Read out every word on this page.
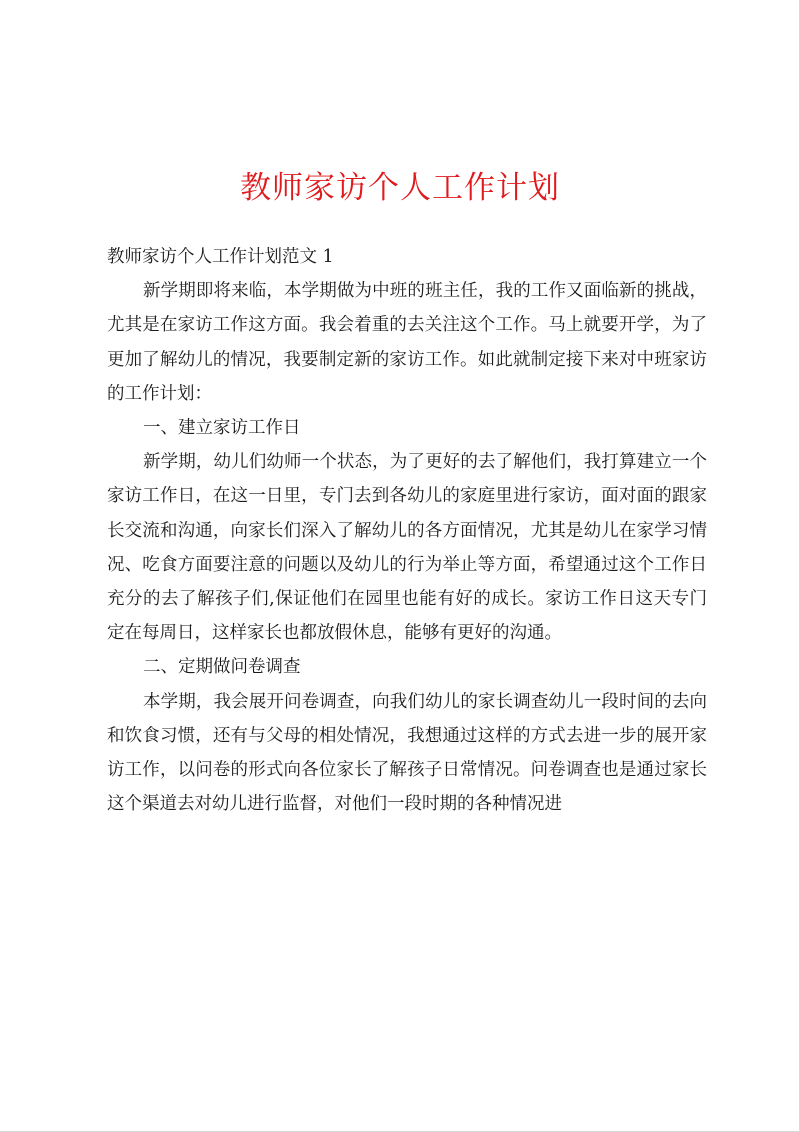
教师家访个人工作计划

教师家访个人工作计划范文 1

新学期即将来临，本学期做为中班的班主任，我的工作又面临新的挑战，尤其是在家访工作这方面。我会着重的去关注这个工作。马上就要开学，为了更加了解幼儿的情况，我要制定新的家访工作。如此就制定接下来对中班家访的工作计划：

一、建立家访工作日

新学期，幼儿们幼师一个状态，为了更好的去了解他们，我打算建立一个家访工作日，在这一日里，专门去到各幼儿的家庭里进行家访，面对面的跟家长交流和沟通，向家长们深入了解幼儿的各方面情况，尤其是幼儿在家学习情况、吃食方面要注意的问题以及幼儿的行为举止等方面，希望通过这个工作日充分的去了解孩子们,保证他们在园里也能有好的成长。家访工作日这天专门定在每周日，这样家长也都放假休息，能够有更好的沟通。

二、定期做问卷调查

本学期，我会展开问卷调查，向我们幼儿的家长调查幼儿一段时间的去向和饮食习惯，还有与父母的相处情况，我想通过这样的方式去进一步的展开家访工作，以问卷的形式向各位家长了解孩子日常情况。问卷调查也是通过家长这个渠道去对幼儿进行监督，对他们一段时期的各种情况进
